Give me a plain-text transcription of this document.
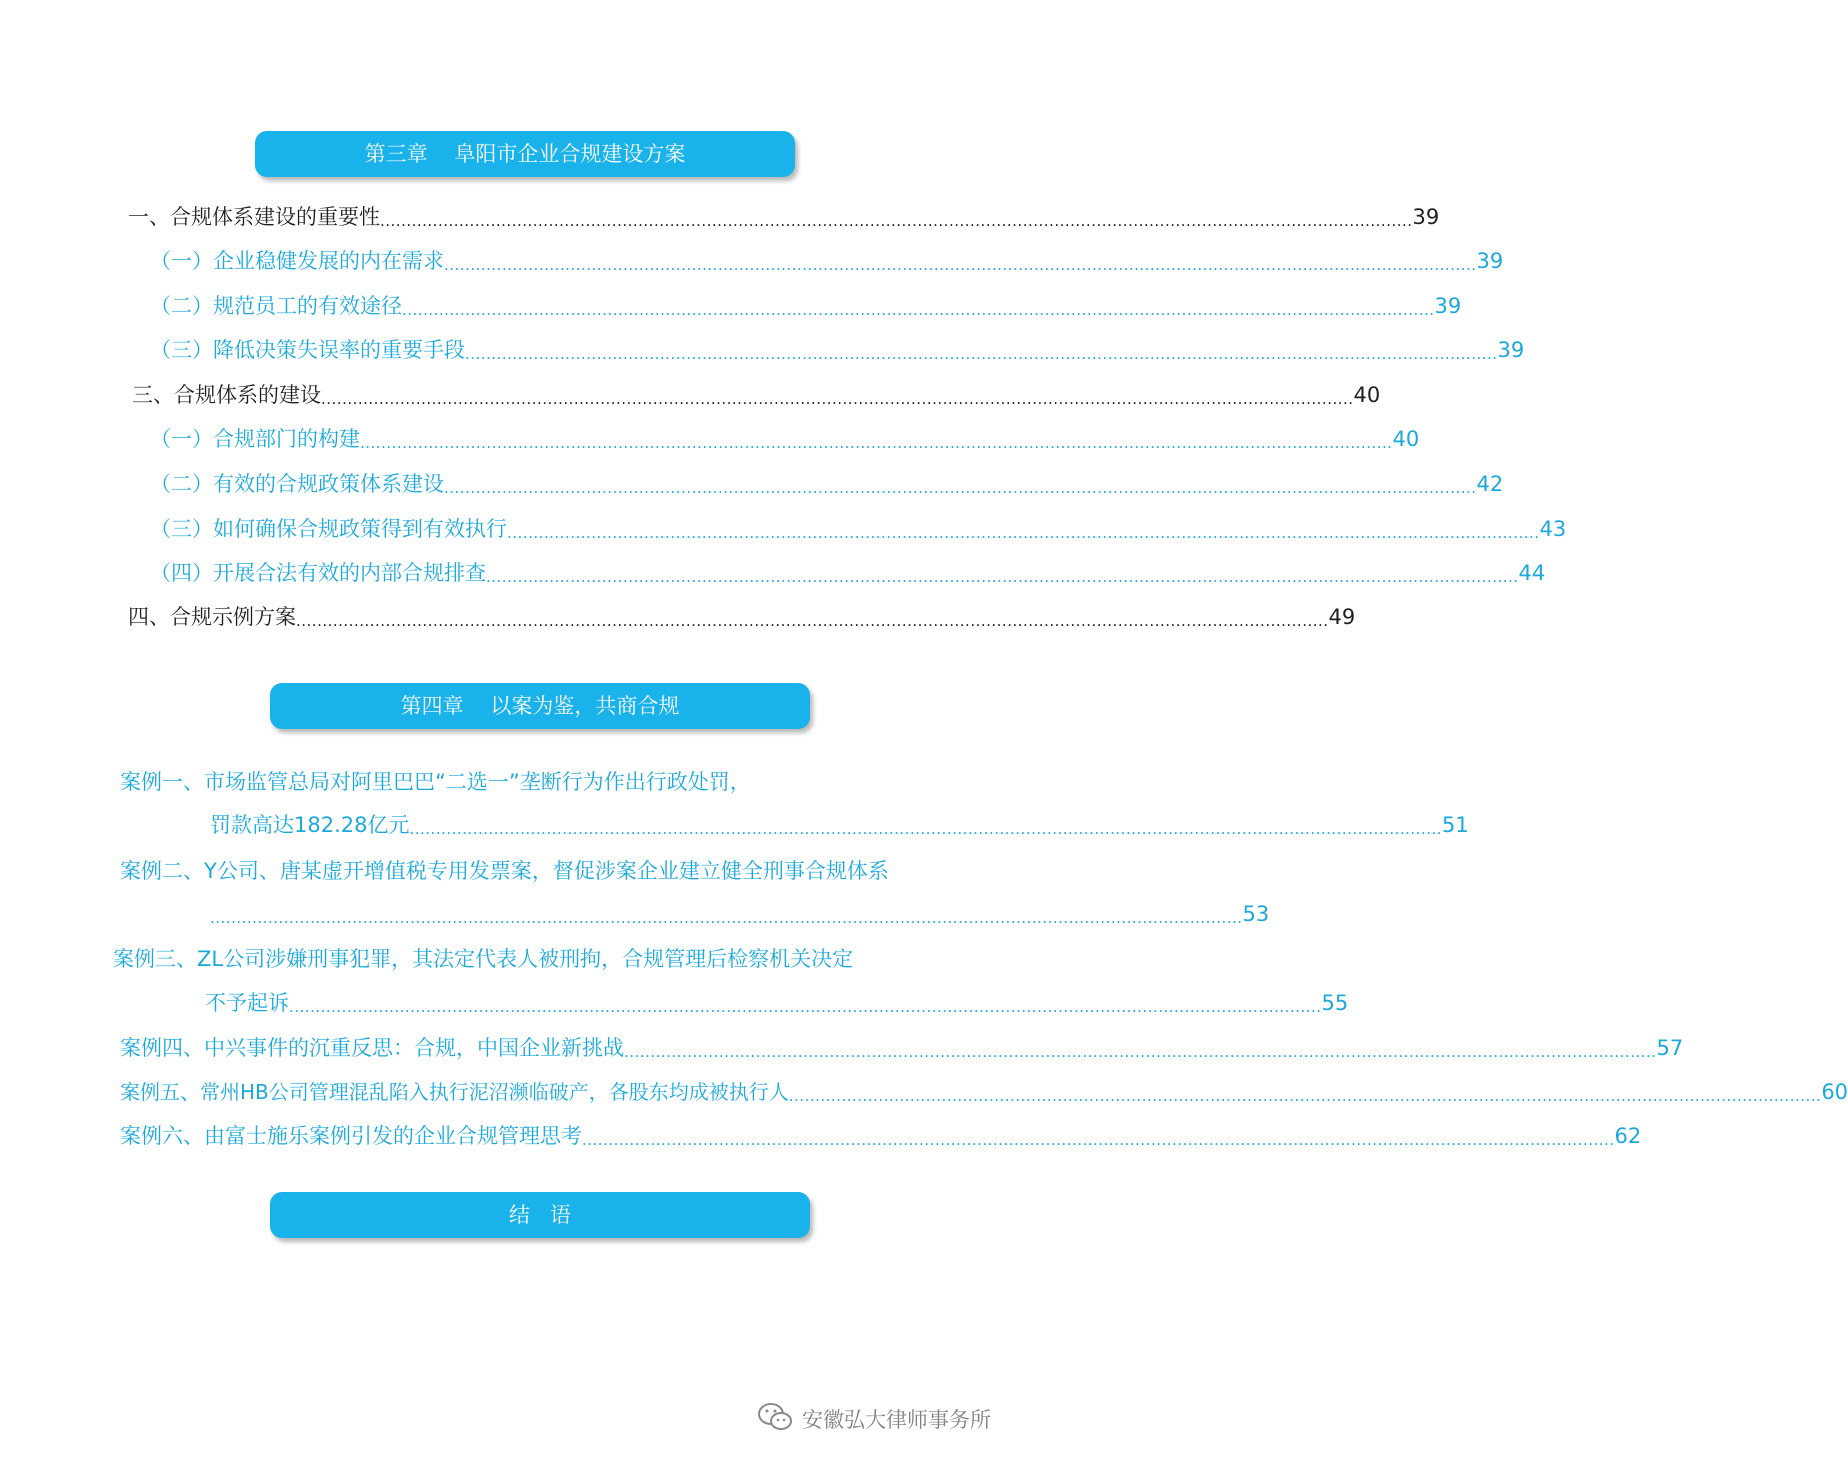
第三章    阜阳市企业合规建设方案
一、合规体系建设的重要性 .................................................................................................................................................................................................... 39
（一）企业稳健发展的内在需求 .................................................................................................................................................................................................... 39
（二）规范员工的有效途径 .................................................................................................................................................................................................... 39
（三）降低决策失误率的重要手段 .................................................................................................................................................................................................... 39
三、合规体系的建设 .................................................................................................................................................................................................... 40
（一）合规部门的构建 .................................................................................................................................................................................................... 40
（二）有效的合规政策体系建设 .................................................................................................................................................................................................... 42
（三）如何确保合规政策得到有效执行 .................................................................................................................................................................................................... 43
（四）开展合法有效的内部合规排查 .................................................................................................................................................................................................... 44
四、合规示例方案 .................................................................................................................................................................................................... 49
第四章    以案为鉴，共商合规
案例一、市场监管总局对阿里巴巴“二选一”垄断行为作出行政处罚，
罚款高达182.28亿元 .................................................................................................................................................................................................... 51
案例二、Y公司、唐某虚开增值税专用发票案，督促涉案企业建立健全刑事合规体系
.................................................................................................................................................................................................... 53
案例三、ZL公司涉嫌刑事犯罪，其法定代表人被刑拘，合规管理后检察机关决定
不予起诉 .................................................................................................................................................................................................... 55
案例四、中兴事件的沉重反思：合规，中国企业新挑战 .................................................................................................................................................................................................... 57
案例五、常州HB公司管理混乱陷入执行泥沼濒临破产，各股东均成被执行人 .................................................................................................................................................................................................... 60
案例六、由富士施乐案例引发的企业合规管理思考 .................................................................................................................................................................................................... 62
结   语
安徽弘大律师事务所
